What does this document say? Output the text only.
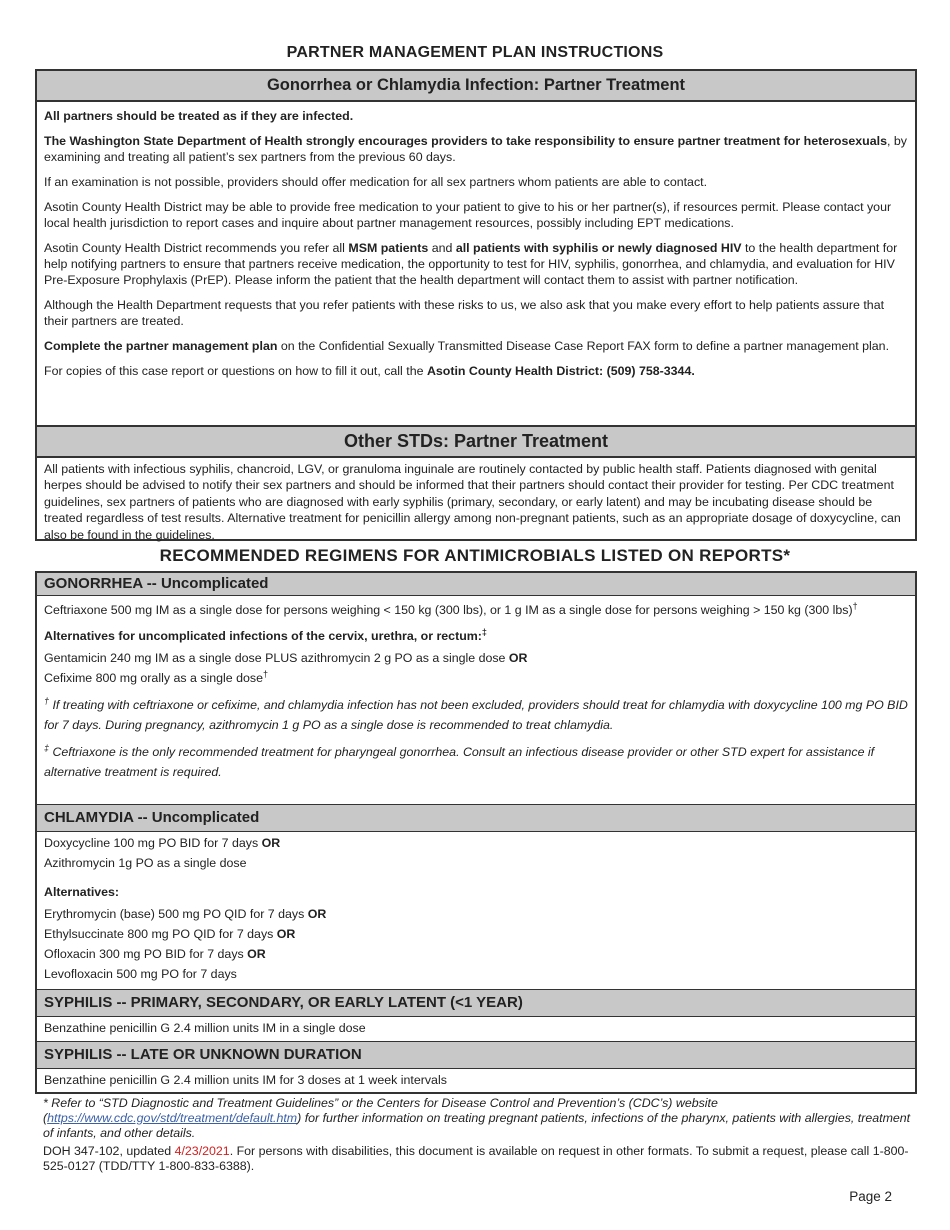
PARTNER MANAGEMENT PLAN INSTRUCTIONS
Gonorrhea or Chlamydia Infection: Partner Treatment

All partners should be treated as if they are infected.

The Washington State Department of Health strongly encourages providers to take responsibility to ensure partner treatment for heterosexuals, by examining and treating all patient’s sex partners from the previous 60 days.

If an examination is not possible, providers should offer medication for all sex partners whom patients are able to contact.

Asotin County Health District may be able to provide free medication to your patient to give to his or her partner(s), if resources permit. Please contact your local health jurisdiction to report cases and inquire about partner management resources, possibly including EPT medications.

Asotin County Health District recommends you refer all MSM patients and all patients with syphilis or newly diagnosed HIV to the health department for help notifying partners to ensure that partners receive medication, the opportunity to test for HIV, syphilis, gonorrhea, and chlamydia, and evaluation for HIV Pre-Exposure Prophylaxis (PrEP). Please inform the patient that the health department will contact them to assist with partner notification.

Although the Health Department requests that you refer patients with these risks to us, we also ask that you make every effort to help patients assure that their partners are treated.

Complete the partner management plan on the Confidential Sexually Transmitted Disease Case Report FAX form to define a partner management plan.

For copies of this case report or questions on how to fill it out, call the Asotin County Health District: (509) 758-3344.

Other STDs: Partner Treatment

All patients with infectious syphilis, chancroid, LGV, or granuloma inguinale are routinely contacted by public health staff. Patients diagnosed with genital herpes should be advised to notify their sex partners and should be informed that their partners should contact their provider for testing. Per CDC treatment guidelines, sex partners of patients who are diagnosed with early syphilis (primary, secondary, or early latent) and may be incubating disease should be treated regardless of test results. Alternative treatment for penicillin allergy among non-pregnant patients, such as an appropriate dosage of doxycycline, can also be found in the guidelines.

RECOMMENDED REGIMENS FOR ANTIMICROBIALS LISTED ON REPORTS*
GONORRHEA -- Uncomplicated
Ceftriaxone 500 mg IM as a single dose for persons weighing < 150 kg (300 lbs), or 1 g IM as a single dose for persons weighing > 150 kg (300 lbs)†
Alternatives for uncomplicated infections of the cervix, urethra, or rectum:‡
Gentamicin 240 mg IM as a single dose PLUS azithromycin 2 g PO as a single dose OR
Cefixime 800 mg orally as a single dose†
† If treating with ceftriaxone or cefixime, and chlamydia infection has not been excluded, providers should treat for chlamydia with doxycycline 100 mg PO BID for 7 days. During pregnancy, azithromycin 1 g PO as a single dose is recommended to treat chlamydia.
‡ Ceftriaxone is the only recommended treatment for pharyngeal gonorrhea. Consult an infectious disease provider or other STD expert for assistance if alternative treatment is required.
CHLAMYDIA -- Uncomplicated
Doxycycline 100 mg PO BID for 7 days OR
Azithromycin 1g PO as a single dose
Alternatives:
Erythromycin (base) 500 mg PO QID for 7 days OR
Ethylsuccinate 800 mg PO QID for 7 days OR
Ofloxacin 300 mg PO BID for 7 days OR
Levofloxacin 500 mg PO for 7 days
SYPHILIS -- PRIMARY, SECONDARY, OR EARLY LATENT (<1 YEAR)
Benzathine penicillin G 2.4 million units IM in a single dose
SYPHILIS -- LATE OR UNKNOWN DURATION
Benzathine penicillin G 2.4 million units IM for 3 doses at 1 week intervals
* Refer to “STD Diagnostic and Treatment Guidelines” or the Centers for Disease Control and Prevention’s (CDC’s) website (https://www.cdc.gov/std/treatment/default.htm) for further information on treating pregnant patients, infections of the pharynx, patients with allergies, treatment of infants, and other details.
DOH 347-102, updated 4/23/2021. For persons with disabilities, this document is available on request in other formats. To submit a request, please call 1-800-525-0127 (TDD/TTY 1-800-833-6388).
Page 2
